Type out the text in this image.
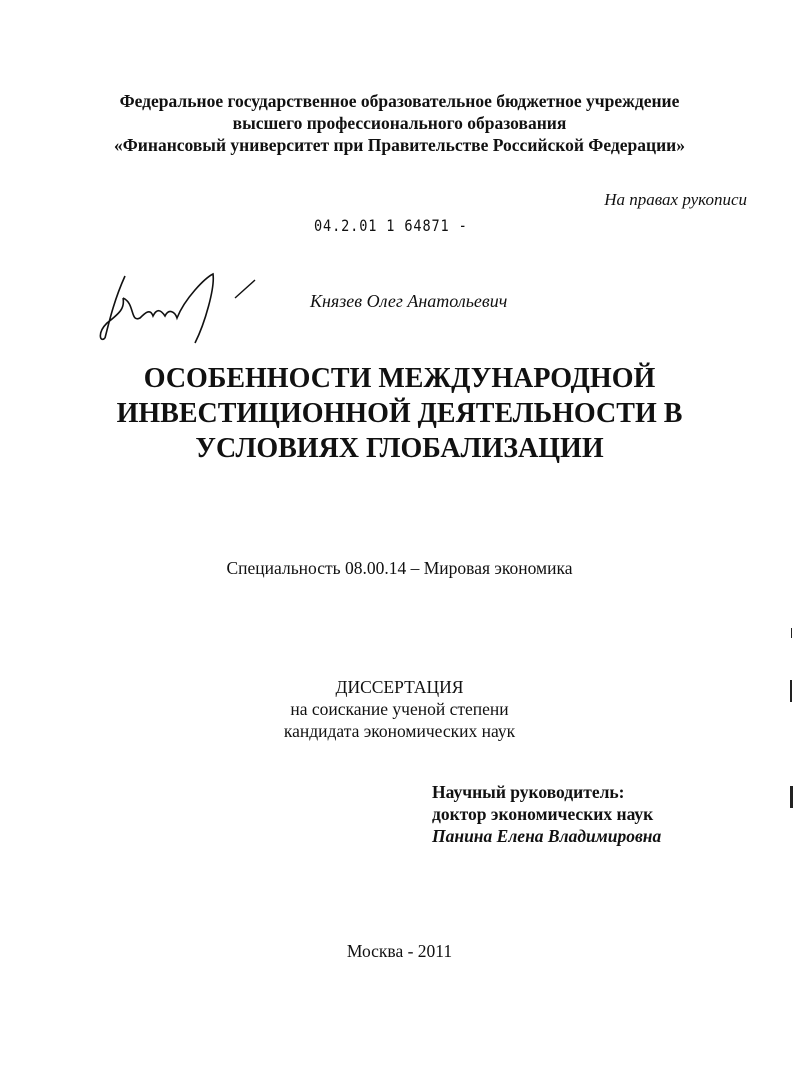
Федеральное государственное образовательное бюджетное учреждение
высшего профессионального образования
«Финансовый университет при Правительстве Российской Федерации»
На правах рукописи
04.2.01 1 64871 -
Князев Олег Анатольевич
ОСОБЕННОСТИ МЕЖДУНАРОДНОЙ
ИНВЕСТИЦИОННОЙ ДЕЯТЕЛЬНОСТИ В
УСЛОВИЯХ ГЛОБАЛИЗАЦИИ
Специальность 08.00.14 – Мировая экономика
ДИССЕРТАЦИЯ
на соискание ученой степени
кандидата экономических наук
Научный руководитель:
доктор экономических наук
Панина Елена Владимировна
Москва - 2011
